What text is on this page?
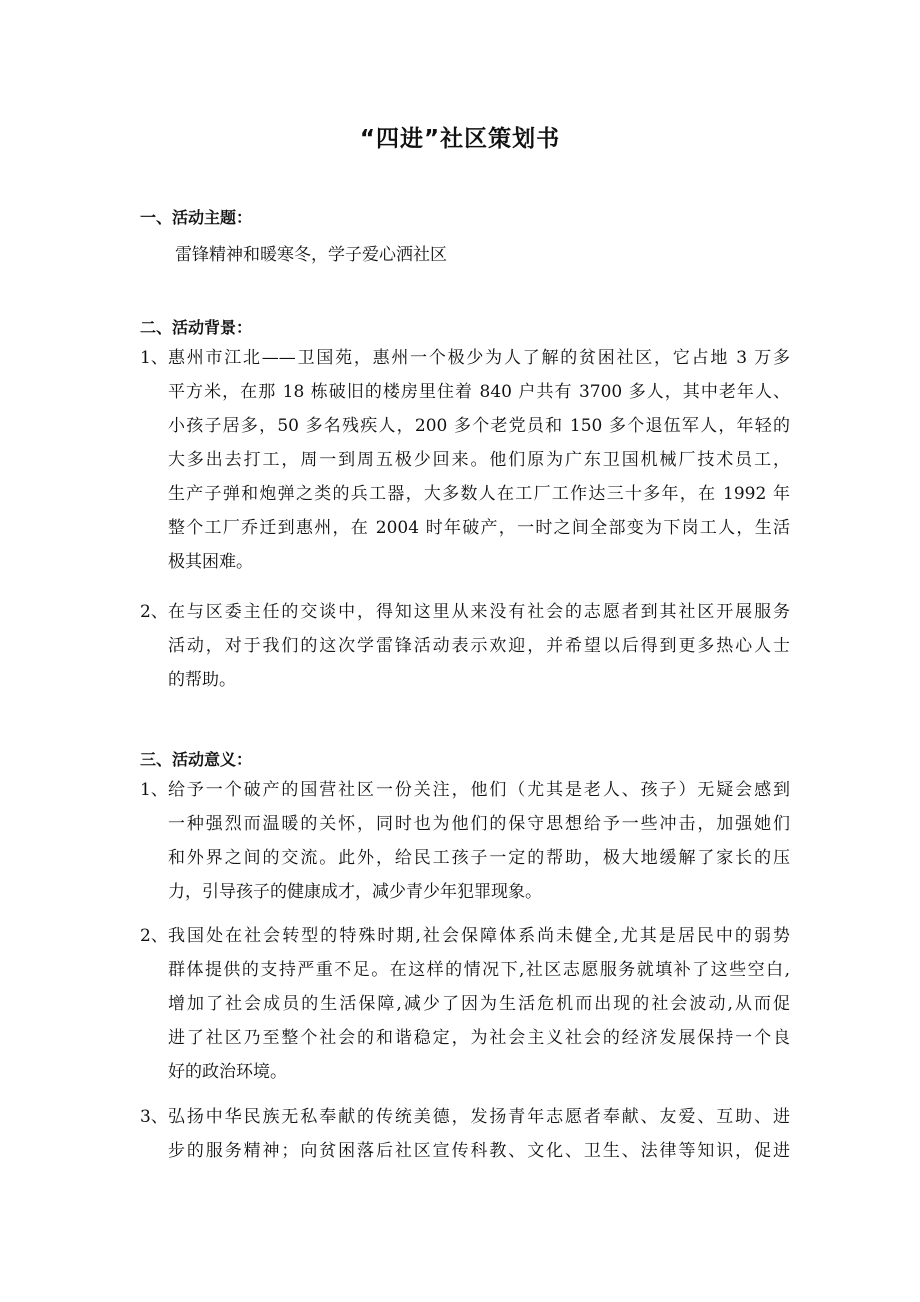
“四进”社区策划书
一、活动主题：
雷锋精神和暖寒冬，学子爱心洒社区
二、活动背景：
1、 惠州市江北——卫国苑，惠州一个极少为人了解的贫困社区，它占地 3 万多
平方米，在那 18 栋破旧的楼房里住着 840 户共有 3700 多人，其中老年人、
小孩子居多，50 多名残疾人，200 多个老党员和 150 多个退伍军人，年轻的
大多出去打工，周一到周五极少回来。他们原为广东卫国机械厂技术员工，
生产子弹和炮弹之类的兵工器，大多数人在工厂工作达三十多年，在 1992 年
整个工厂乔迁到惠州，在 2004 时年破产，一时之间全部变为下岗工人，生活
极其困难。
2、 在与区委主任的交谈中，得知这里从来没有社会的志愿者到其社区开展服务
活动，对于我们的这次学雷锋活动表示欢迎，并希望以后得到更多热心人士
的帮助。
三、活动意义：
1、 给予一个破产的国营社区一份关注，他们（尤其是老人、孩子）无疑会感到
一种强烈而温暖的关怀，同时也为他们的保守思想给予一些冲击，加强她们
和外界之间的交流。此外，给民工孩子一定的帮助，极大地缓解了家长的压
力，引导孩子的健康成才，减少青少年犯罪现象。
2、 我国处在社会转型的特殊时期,社会保障体系尚未健全,尤其是居民中的弱势
群体提供的支持严重不足。在这样的情况下,社区志愿服务就填补了这些空白,
增加了社会成员的生活保障,减少了因为生活危机而出现的社会波动,从而促
进了社区乃至整个社会的和谐稳定，为社会主义社会的经济发展保持一个良
好的政治环境。
3、 弘扬中华民族无私奉献的传统美德，发扬青年志愿者奉献、友爱、互助、进
步的服务精神；向贫困落后社区宣传科教、文化、卫生、法律等知识，促进
